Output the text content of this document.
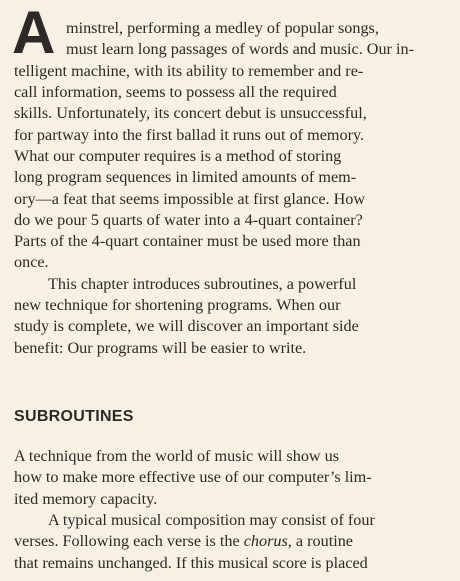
A minstrel, performing a medley of popular songs,
must learn long passages of words and music. Our in-
telligent machine, with its ability to remember and re-
call information, seems to possess all the required
skills. Unfortunately, its concert debut is unsuccessful,
for partway into the first ballad it runs out of memory.
What our computer requires is a method of storing
long program sequences in limited amounts of mem-
ory—a feat that seems impossible at first glance. How
do we pour 5 quarts of water into a 4-quart container?
Parts of the 4-quart container must be used more than
once.
This chapter introduces subroutines, a powerful
new technique for shortening programs. When our
study is complete, we will discover an important side
benefit: Our programs will be easier to write.
SUBROUTINES
A technique from the world of music will show us
how to make more effective use of our computer’s lim-
ited memory capacity.
A typical musical composition may consist of four
verses. Following each verse is the chorus, a routine
that remains unchanged. If this musical score is placed
